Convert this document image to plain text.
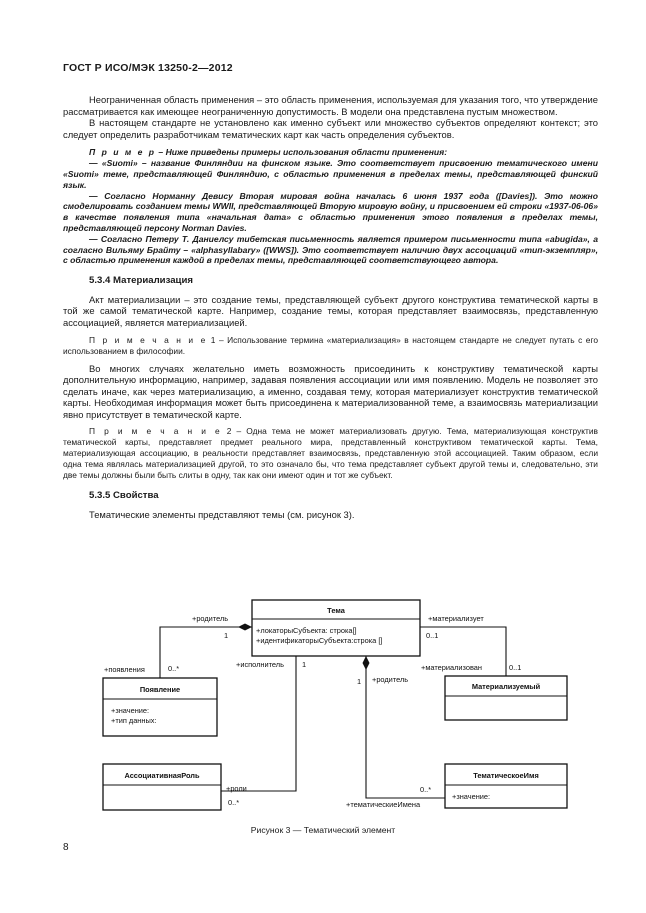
ГОСТ Р ИСО/МЭК 13250-2—2012

Неограниченная область применения – это область применения, используемая для указания того, что утверждение рассматривается как имеющее неограниченную допустимость. В модели она представлена пустым множеством.

В настоящем стандарте не установлено как именно субъект или множество субъектов определяют контекст; это следует определить разработчикам тематических карт как часть определения субъектов.

П р и м е р – Ниже приведены примеры использования области применения:

— «Suomi» – название Финляндии на финском языке. Это соответствует присвоению тематического имени «Suomi» теме, представляющей Финляндию, с областью применения в пределах темы, представляющей финский язык.

— Согласно Норманну Девису Вторая мировая война началась 6 июня 1937 года ([Davies]). Это можно смоделировать созданием темы WWII, представляющей Вторую мировую войну, и присвоением ей строки «1937-06-06» в качестве появления типа «начальная дата» с областью применения этого появления в пределах темы, представляющей персону Norman Davies.

— Согласно Петеру Т. Даниелсу тибетская письменность является примером письменности типа «abugida», а согласно Вильяму Брайту – «alphasyllabary» ([WWS]). Это соответствует наличию двух ассоциаций «тип-экземпляр», с областью применения каждой в пределах темы, представляющей соответствующего автора.

5.3.4 Материализация

Акт материализации – это создание темы, представляющей субъект другого конструктива тематической карты в той же самой тематической карте. Например, создание темы, которая представляет взаимосвязь, представленную ассоциацией, является материализацией.

П р и м е ч а н и е 1 – Использование термина «материализация» в настоящем стандарте не следует путать с его использованием в философии.

Во многих случаях желательно иметь возможность присоединить к конструктиву тематической карты дополнительную информацию, например, задавая появления ассоциации или имя появлению. Модель не позволяет это сделать иначе, как через материализацию, а именно, создавая тему, которая материализует конструктив тематической карты. Необходимая информация может быть присоединена к материализованной теме, а взаимосвязь материализации явно присутствует в тематической карте.

П р и м е ч а н и е 2 – Одна тема не может материализовать другую. Тема, материализующая конструктив тематической карты, представляет предмет реального мира, представленный конструктивом тематической карты. Тема, материализующая ассоциацию, в реальности представляет взаимосвязь, представленную этой ассоциацией. Таким образом, если одна тема являлась материализацией другой, то это означало бы, что тема представляет субъект другой темы и, следовательно, эти две темы должны были быть слиты в одну, так как они имеют один и тот же субъект.

5.3.5 Свойства

Тематические элементы представляют темы (см. рисунок 3).

Тема
+локаторыСубъекта: строка[]
+идентификаторыСубъекта:строка []
Появление
+значение:
+тип данных:
Материализуемый
АссоциативнаяРоль	ТематическоеИмя
+значение:
+родитель
1
+появления	0..*
+материализует
0..1
+материализован	0..1
+исполнитель 1
+роли
0..*
1 +родитель
0..*
+тематическиеИмена
Рисунок 3 — Тематический элемент
8
